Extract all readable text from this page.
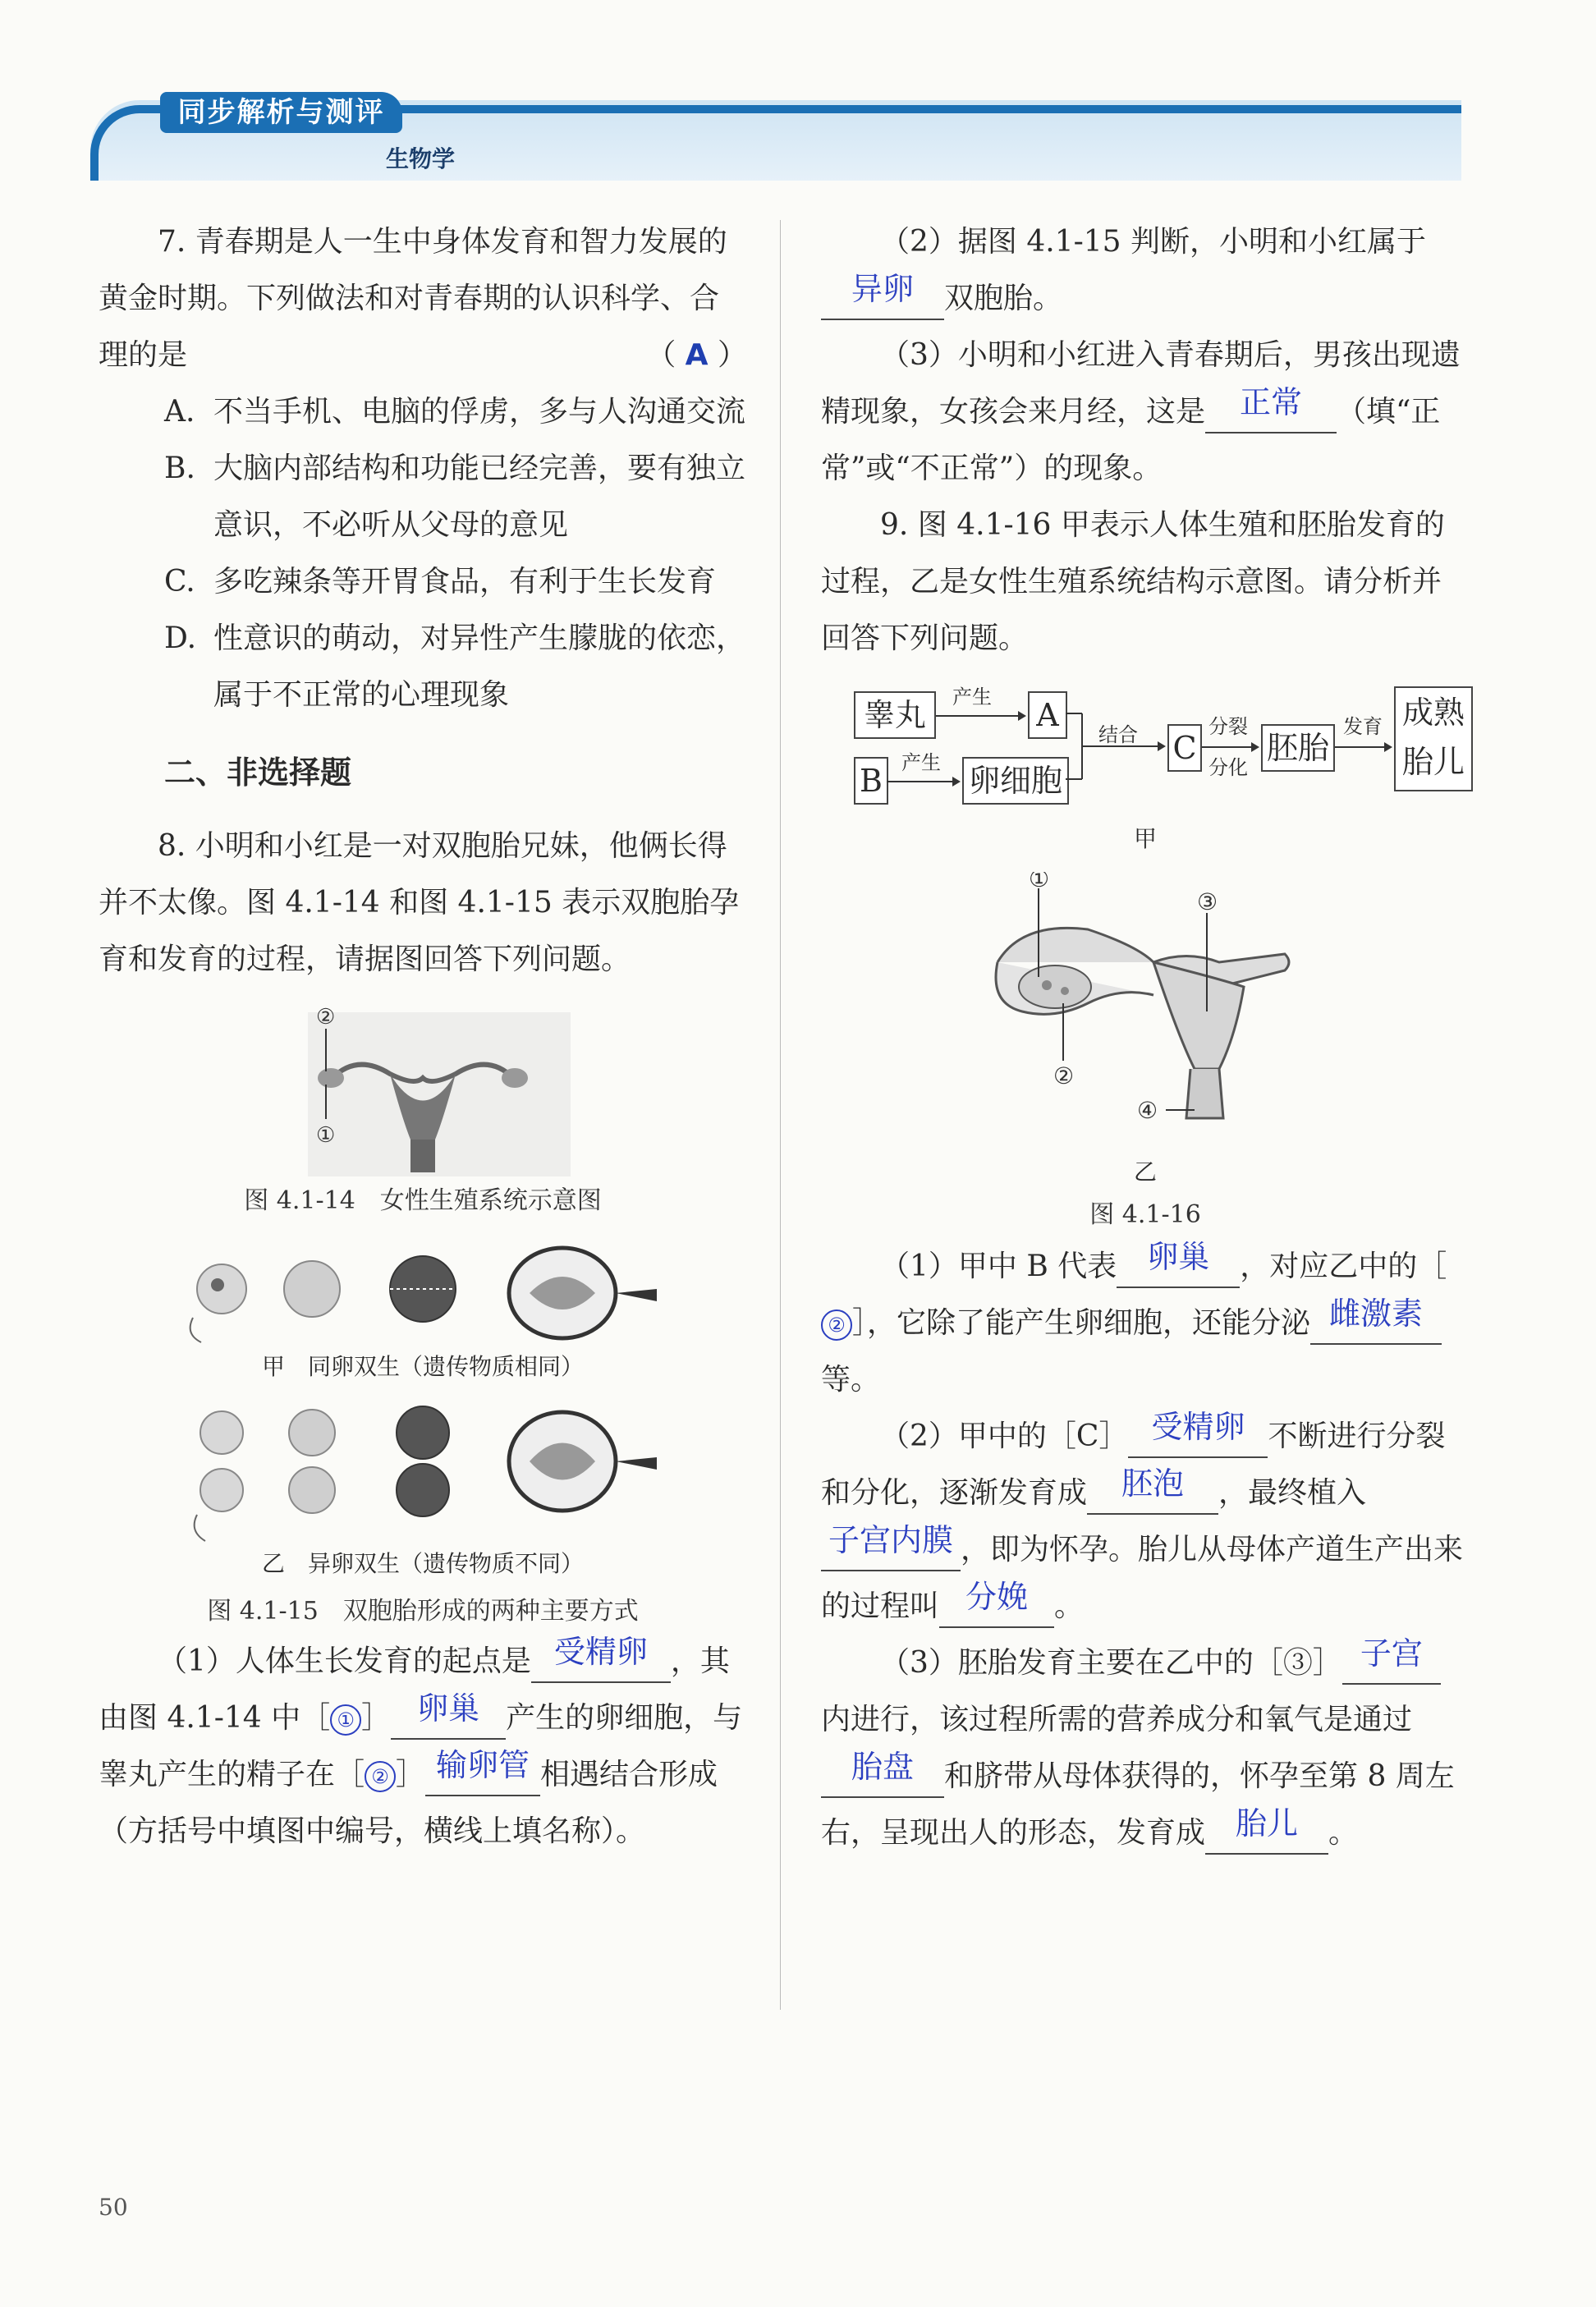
同步解析与测评
生物学

7. 青春期是人一生中身体发育和智力发展的黄金时期。下列做法和对青春期的认识科学、合理的是	（ A ）

A. 不当手机、电脑的俘虏，多与人沟通交流

B. 大脑内部结构和功能已经完善，要有独立意识，不必听从父母的意见

C. 多吃辣条等开胃食品，有利于生长发育

D. 性意识的萌动，对异性产生朦胧的依恋，属于不正常的心理现象

二、非选择题

8. 小明和小红是一对双胞胎兄妹，他俩长得并不太像。图 4.1-14 和图 4.1-15 表示双胞胎孕育和发育的过程，请据图回答下列问题。

②
①

图 4.1-14　女性生殖系统示意图

甲　同卵双生（遗传物质相同）

乙　异卵双生（遗传物质不同）

图 4.1-15　双胞胎形成的两种主要方式

（1）人体生长发育的起点是 受精卵 ，其由图 4.1-14 中［ ① ］ 卵巢 产生的卵细胞，与睾丸产生的精子在［ ② ］ 输卵管 相遇结合形成（方括号中填图中编号，横线上填名称）。

（2）据图 4.1-15 判断，小明和小红属于异卵 双胞胎。

（3）小明和小红进入青春期后，男孩出现遗精现象，女孩会来月经，这是 正常 （填“正常”或“不正常”）的现象。

9. 图 4.1-16 甲表示人体生殖和胚胎发育的过程，乙是女性生殖系统结构示意图。请分析并回答下列问题。

睾丸	产生 A
B 产生 卵细胞
结合 C
分裂
分化
胚胎
发育 成熟
胎儿

甲

①
②
③
④

乙

图 4.1-16

（1）甲中 B 代表 卵巢 ，对应乙中的［② ］，它除了能产生卵细胞，还能分泌 雌激素等。

（2）甲中的［C］ 受精卵 不断进行分裂和分化，逐渐发育成 胚泡 ，最终植入子宫内膜 ，即为怀孕。胎儿从母体产道生产出来的过程叫 分娩 。

（3）胚胎发育主要在乙中的［③］ 子宫内进行，该过程所需的营养成分和氧气是通过胎盘 和脐带从母体获得的，怀孕至第 8 周左右，呈现出人的形态，发育成 胎儿 。

50
